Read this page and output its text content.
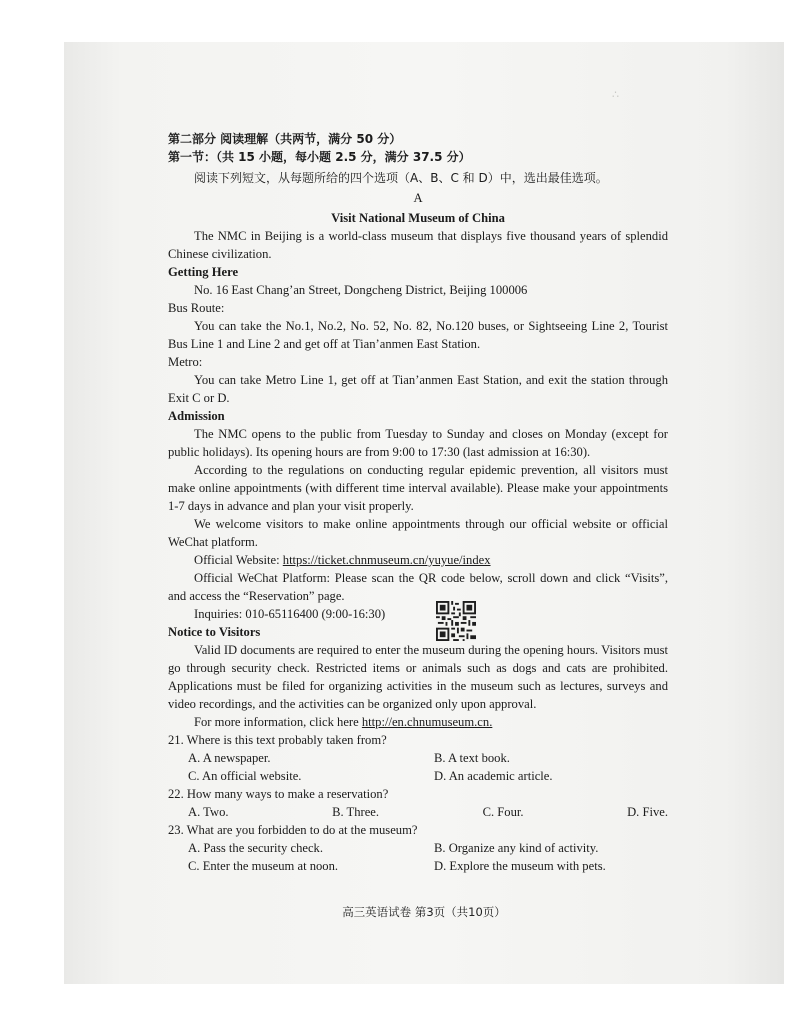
∴

第二部分 阅读理解（共两节，满分 50 分）

第一节：（共 15 小题，每小题 2.5 分，满分 37.5 分）

阅读下列短文，从每题所给的四个选项（A、B、C 和 D）中，选出最佳选项。

A

Visit National Museum of China

The NMC in Beijing is a world-class museum that displays five thousand years of splendid Chinese civilization.

Getting Here

No. 16 East Chang’an Street, Dongcheng District, Beijing 100006

Bus Route:

You can take the No.1, No.2, No. 52, No. 82, No.120 buses, or Sightseeing Line 2, Tourist Bus Line 1 and Line 2 and get off at Tian’anmen East Station.

Metro:

You can take Metro Line 1, get off at Tian’anmen East Station, and exit the station through Exit C or D.

Admission

The NMC opens to the public from Tuesday to Sunday and closes on Monday (except for public holidays). Its opening hours are from 9:00 to 17:30 (last admission at 16:30).

According to the regulations on conducting regular epidemic prevention, all visitors must make online appointments (with different time interval available). Please make your appointments 1-7 days in advance and plan your visit properly.

We welcome visitors to make online appointments through our official website or official WeChat platform.

Official Website: https://ticket.chnmuseum.cn/yuyue/index

Official WeChat Platform: Please scan the QR code below, scroll down and click “Visits”, and access the “Reservation” page.

Inquiries: 010-65116400 (9:00-16:30)

Notice to Visitors

Valid ID documents are required to enter the museum during the opening hours. Visitors must go through security check. Restricted items or animals such as dogs and cats are prohibited. Applications must be filed for organizing activities in the museum such as lectures, surveys and video recordings, and the activities can be organized only upon approval.

For more information, click here http://en.chnumuseum.cn.

21. Where is this text probably taken from?

A. A newspaper.	B. A text book.
C. An official website.	D. An academic article.

22. How many ways to make a reservation?

A. Two.	B. Three.	C. Four.	D. Five.

23. What are you forbidden to do at the museum?

A. Pass the security check.	B. Organize any kind of activity.
C. Enter the museum at noon.	D. Explore the museum with pets.
高三英语试卷 第3页（共10页）
